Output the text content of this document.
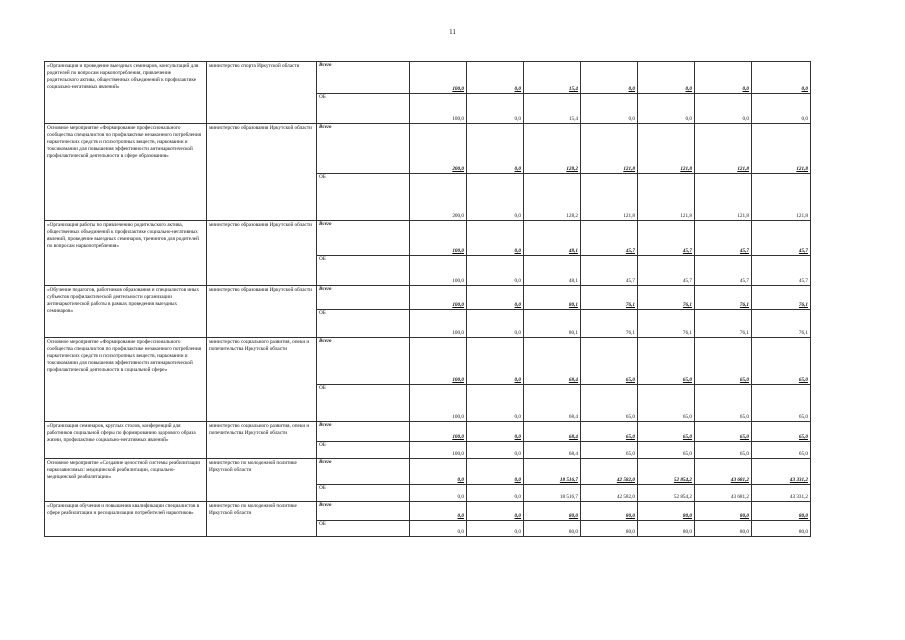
11
«Организация и проведение выездных семинаров, консультаций для родителей по вопросам наркопотребления, привлечение родительского актива, общественных объединений к профилактике социально-негативных явлений»	министерство спорта Иркутской области	Всего	100,0	0,0	15,4	0,0	0,0	0,0	0,0
		ОБ	100,0	0,0	15,4	0,0	0,0	0,0	0,0
Основное мероприятие «Формирование профессионального сообщества специалистов по профилактике незаконного потребления наркотических средств и психотропных веществ, наркомании и токсикомании для повышения эффективности антинаркотической профилактической деятельности в сфере образования»	министерство образования Иркутской области	Всего	200,0	0,0	128,2	121,8	121,8	121,8	121,8
		ОБ	200,0	0,0	128,2	121,8	121,8	121,8	121,8
«Организация работы по привлечению родительского актива, общественных объединений к профилактике социально-негативных явлений, проведение выездных семинаров, тренингов для родителей по вопросам наркопотребления»	министерство образования Иркутской области	Всего	100,0	0,0	48,1	45,7	45,7	45,7	45,7
		ОБ	100,0	0,0	48,1	45,7	45,7	45,7	45,7
«Обучение педагогов, работников образования и специалистов иных субъектов профилактической деятельности организации антинаркотической работы в рамках проведения выездных семинаров»	министерство образования Иркутской области	Всего	100,0	0,0	80,1	76,1	76,1	76,1	76,1
		ОБ	100,0	0,0	80,1	76,1	76,1	76,1	76,1
Основное мероприятие «Формирование профессионального сообщества специалистов по профилактике незаконного потребления наркотических средств и психотропных веществ, наркомании и токсикомании для повышения эффективности антинаркотической профилактической деятельности в социальной сфере»	министерство социального развития, опеки и попечительства Иркутской области	Всего	100,0	0,0	68,4	65,0	65,0	65,0	65,0
		ОБ	100,0	0,0	68,4	65,0	65,0	65,0	65,0
«Организация семинаров, круглых столов, конференций для работников социальной сферы по формированию здорового образа жизни, профилактике социально-негативных явлений»	министерство социального развития, опеки и попечительства Иркутской области	Всего	100,0	0,0	68,4	65,0	65,0	65,0	65,0
		ОБ	100,0	0,0	68,4	65,0	65,0	65,0	65,0
Основное мероприятие «Создание целостной системы реабилитации наркозависимых: медицинской реабилитации, социально-медицинской реабилитации»	министерство по молодежной политике Иркутской области	Всего	0,0	0,0	18 516,7	42 582,0	52 854,2	43 681,2	43 331,2
		ОБ	0,0	0,0	18 516,7	42 582,0	52 854,2	43 681,2	43 331,2
«Организация обучения и повышения квалификации специалистов в сфере реабилитации и ресоциализации потребителей наркотиков»	министерство по молодежной политике Иркутской области	Всего	0,0	0,0	80,0	80,0	80,0	80,0	80,0
		ОБ	0,0	0,0	80,0	80,0	80,0	80,0	80,0
